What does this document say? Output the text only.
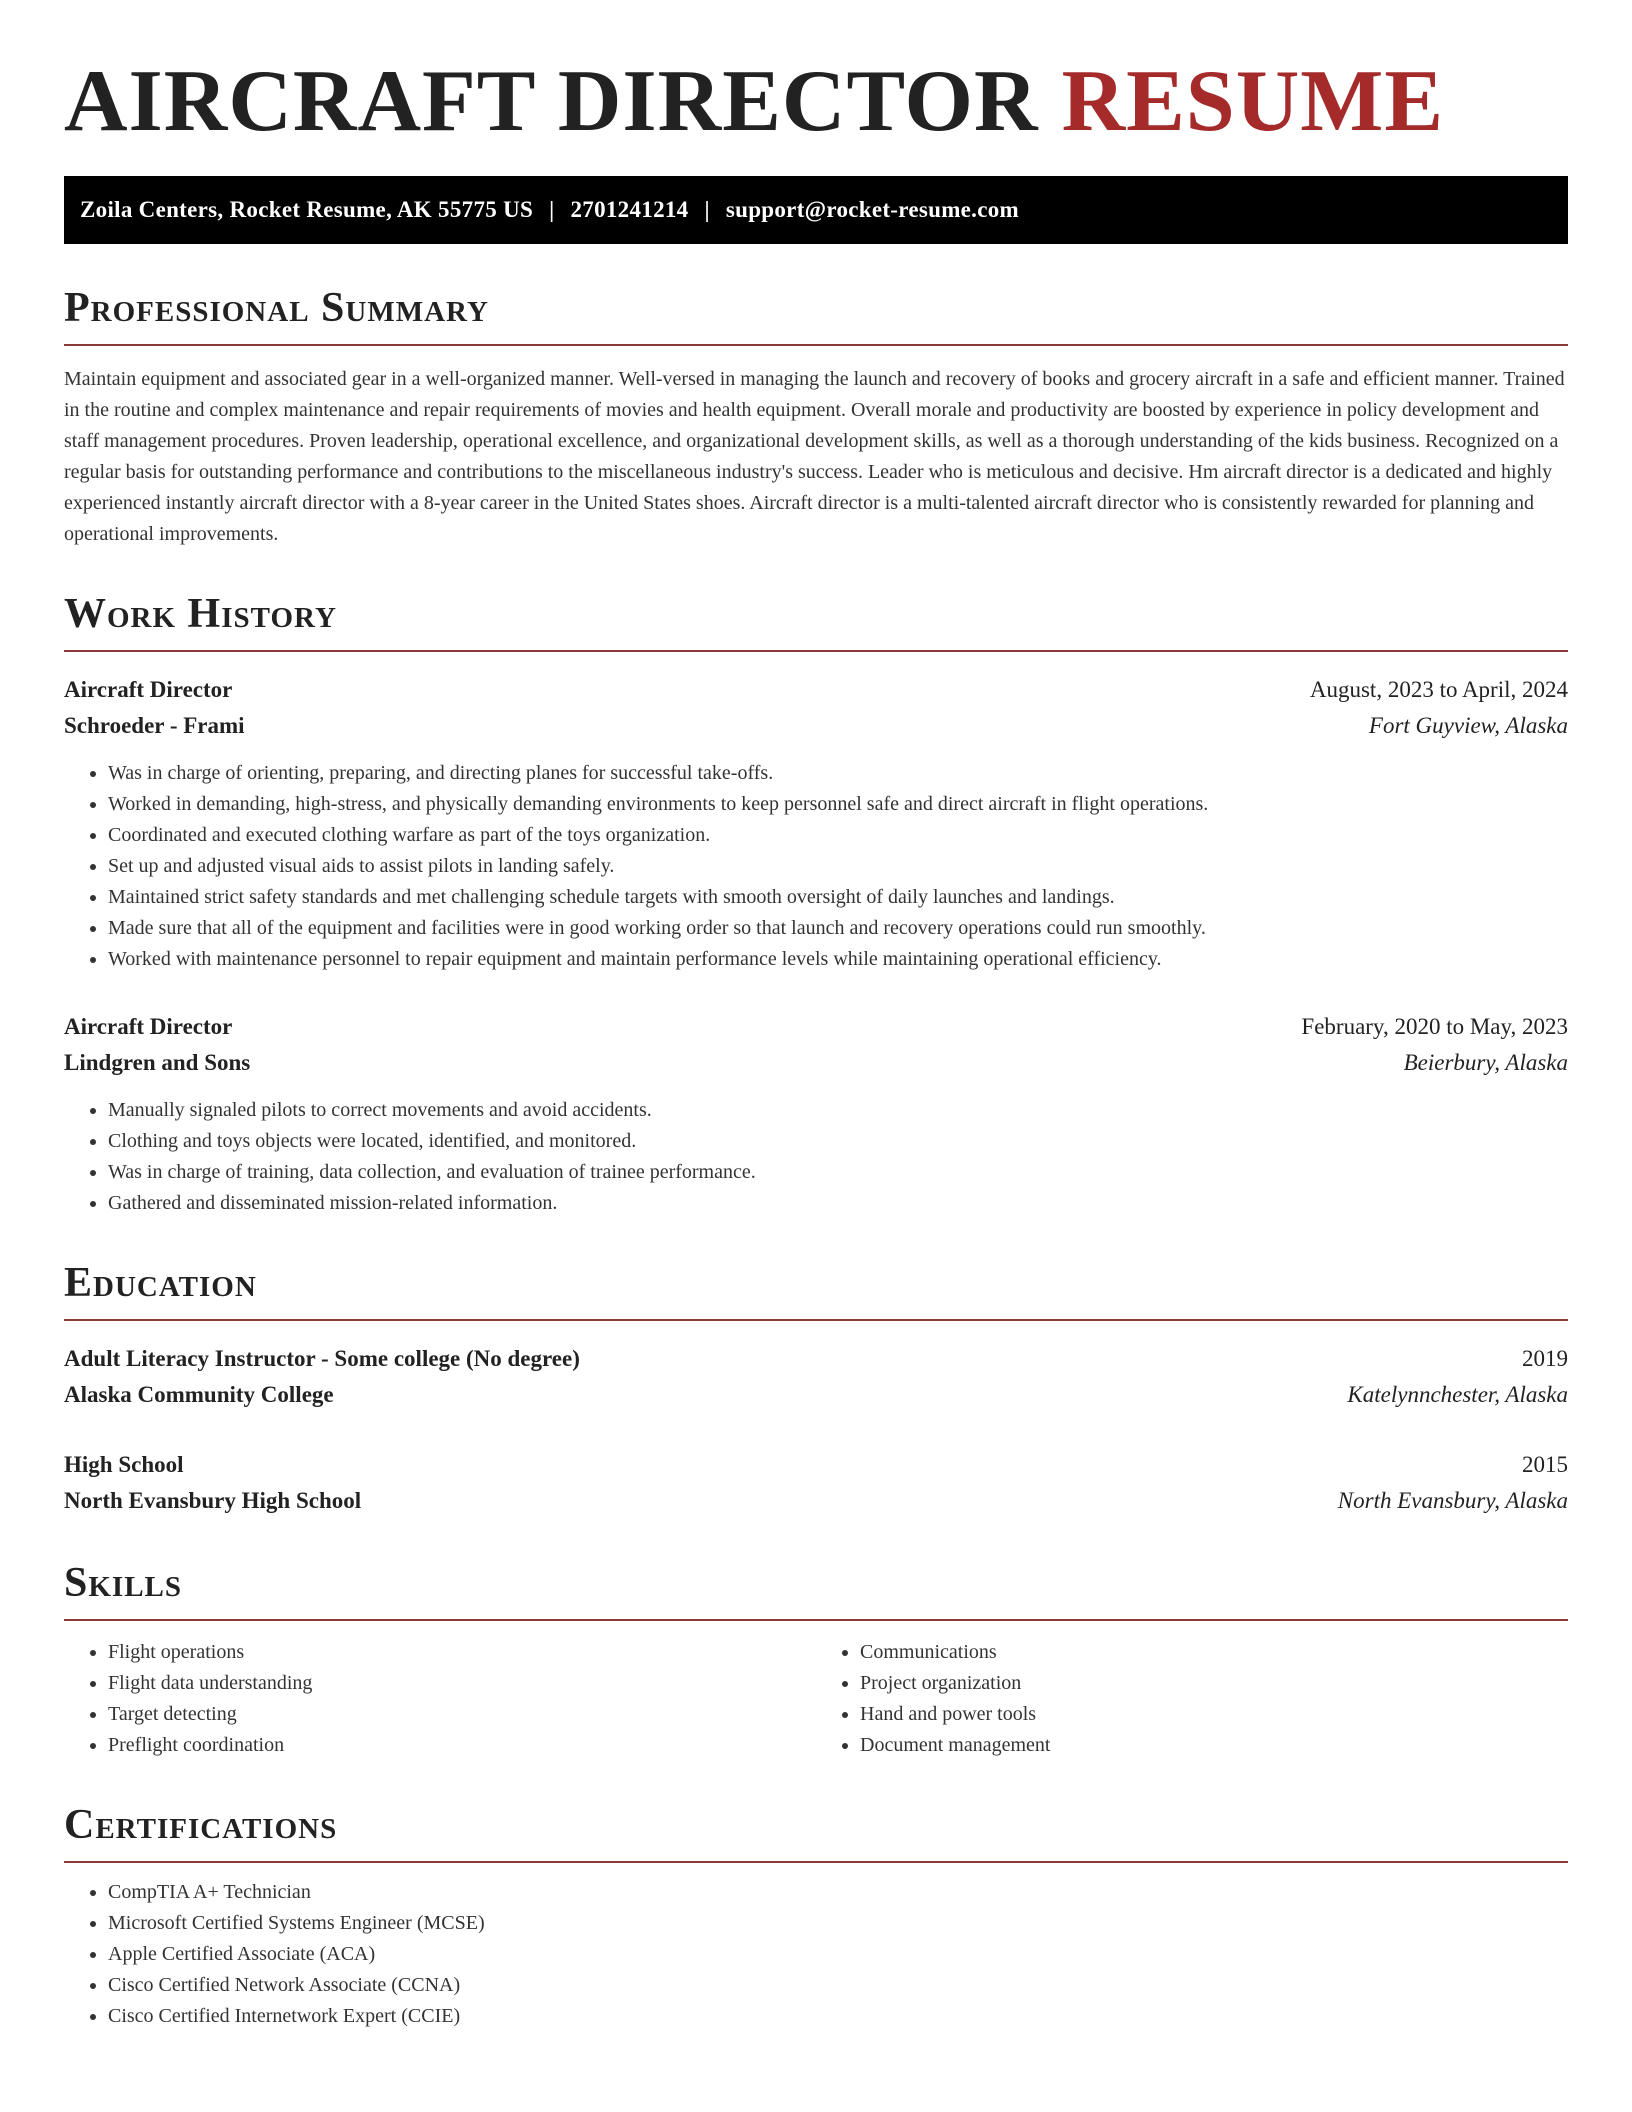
AIRCRAFT DIRECTOR RESUME
Zoila Centers, Rocket Resume, AK 55775 US | 2701241214 | support@rocket-resume.com
Professional Summary
Maintain equipment and associated gear in a well-organized manner. Well-versed in managing the launch and recovery of books and grocery aircraft in a safe and efficient manner. Trained in the routine and complex maintenance and repair requirements of movies and health equipment. Overall morale and productivity are boosted by experience in policy development and staff management procedures. Proven leadership, operational excellence, and organizational development skills, as well as a thorough understanding of the kids business. Recognized on a regular basis for outstanding performance and contributions to the miscellaneous industry's success. Leader who is meticulous and decisive. Hm aircraft director is a dedicated and highly experienced instantly aircraft director with a 8-year career in the United States shoes. Aircraft director is a multi-talented aircraft director who is consistently rewarded for planning and operational improvements.
Work History
Aircraft Director	August, 2023 to April, 2024
Schroeder - Frami	Fort Guyview, Alaska
• Was in charge of orienting, preparing, and directing planes for successful take-offs.
• Worked in demanding, high-stress, and physically demanding environments to keep personnel safe and direct aircraft in flight operations.
• Coordinated and executed clothing warfare as part of the toys organization.
• Set up and adjusted visual aids to assist pilots in landing safely.
• Maintained strict safety standards and met challenging schedule targets with smooth oversight of daily launches and landings.
• Made sure that all of the equipment and facilities were in good working order so that launch and recovery operations could run smoothly.
• Worked with maintenance personnel to repair equipment and maintain performance levels while maintaining operational efficiency.
Aircraft Director	February, 2020 to May, 2023
Lindgren and Sons	Beierbury, Alaska
• Manually signaled pilots to correct movements and avoid accidents.
• Clothing and toys objects were located, identified, and monitored.
• Was in charge of training, data collection, and evaluation of trainee performance.
• Gathered and disseminated mission-related information.
Education
Adult Literacy Instructor - Some college (No degree)	2019
Alaska Community College	Katelynnchester, Alaska
High School	2015
North Evansbury High School	North Evansbury, Alaska
Skills
• Flight operations
• Flight data understanding
• Target detecting
• Preflight coordination
• Communications
• Project organization
• Hand and power tools
• Document management
Certifications
• CompTIA A+ Technician
• Microsoft Certified Systems Engineer (MCSE)
• Apple Certified Associate (ACA)
• Cisco Certified Network Associate (CCNA)
• Cisco Certified Internetwork Expert (CCIE)
